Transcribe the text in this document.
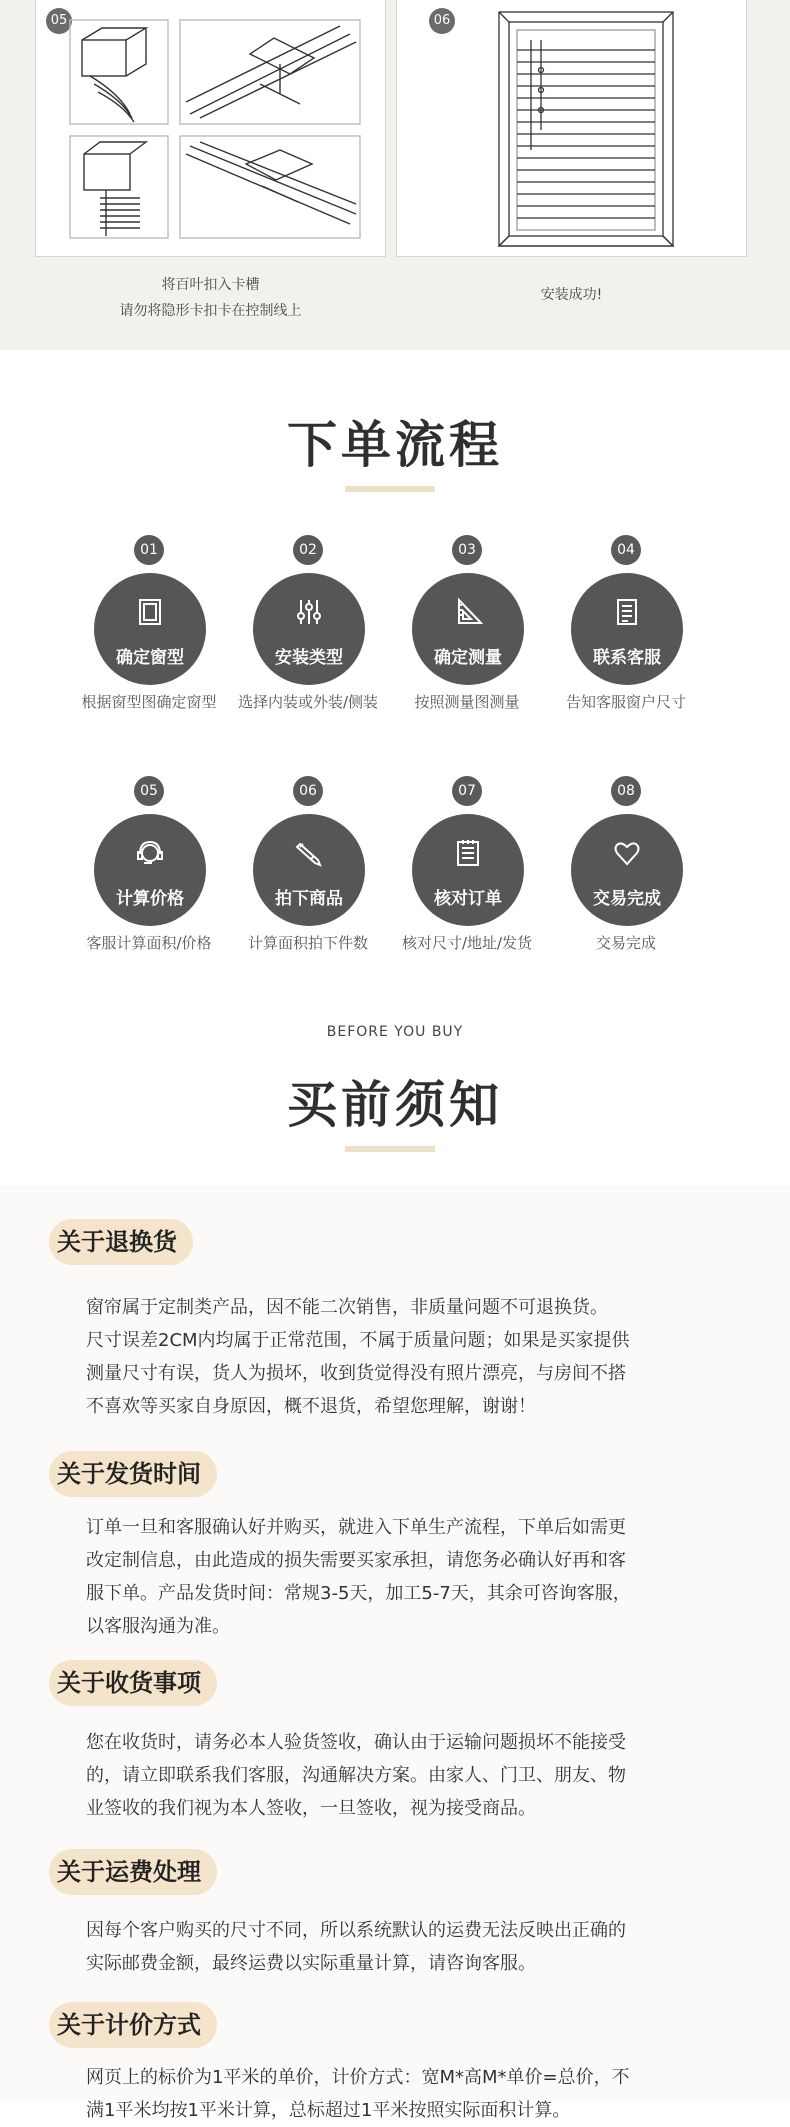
05	06
将百叶扣入卡槽
请勿将隐形卡扣卡在控制线上
安装成功!
下单流程
01
确定窗型
根据窗型图确定窗型
02
安装类型
选择内装或外装/侧装
03
确定测量
按照测量图测量
04
联系客服
告知客服窗户尺寸
05
计算价格
客服计算面积/价格
06
拍下商品
计算面积拍下件数
07
核对订单
核对尺寸/地址/发货
08
交易完成
交易完成
BEFORE YOU BUY
买前须知
关于退换货
窗帘属于定制类产品，因不能二次销售，非质量问题不可退换货。
尺寸误差2CM内均属于正常范围，不属于质量问题；如果是买家提供
测量尺寸有误，货人为损坏，收到货觉得没有照片漂亮，与房间不搭
不喜欢等买家自身原因，概不退货，希望您理解，谢谢！
关于发货时间
订单一旦和客服确认好并购买，就进入下单生产流程，下单后如需更
改定制信息，由此造成的损失需要买家承担，请您务必确认好再和客
服下单。产品发货时间：常规3-5天，加工5-7天，其余可咨询客服，
以客服沟通为准。
关于收货事项
您在收货时，请务必本人验货签收，确认由于运输问题损坏不能接受
的，请立即联系我们客服，沟通解决方案。由家人、门卫、朋友、物
业签收的我们视为本人签收，一旦签收，视为接受商品。
关于运费处理
因每个客户购买的尺寸不同，所以系统默认的运费无法反映出正确的
实际邮费金额，最终运费以实际重量计算，请咨询客服。
关于计价方式
网页上的标价为1平米的单价，计价方式：宽M*高M*单价=总价，不
满1平米均按1平米计算，总标超过1平米按照实际面积计算。
